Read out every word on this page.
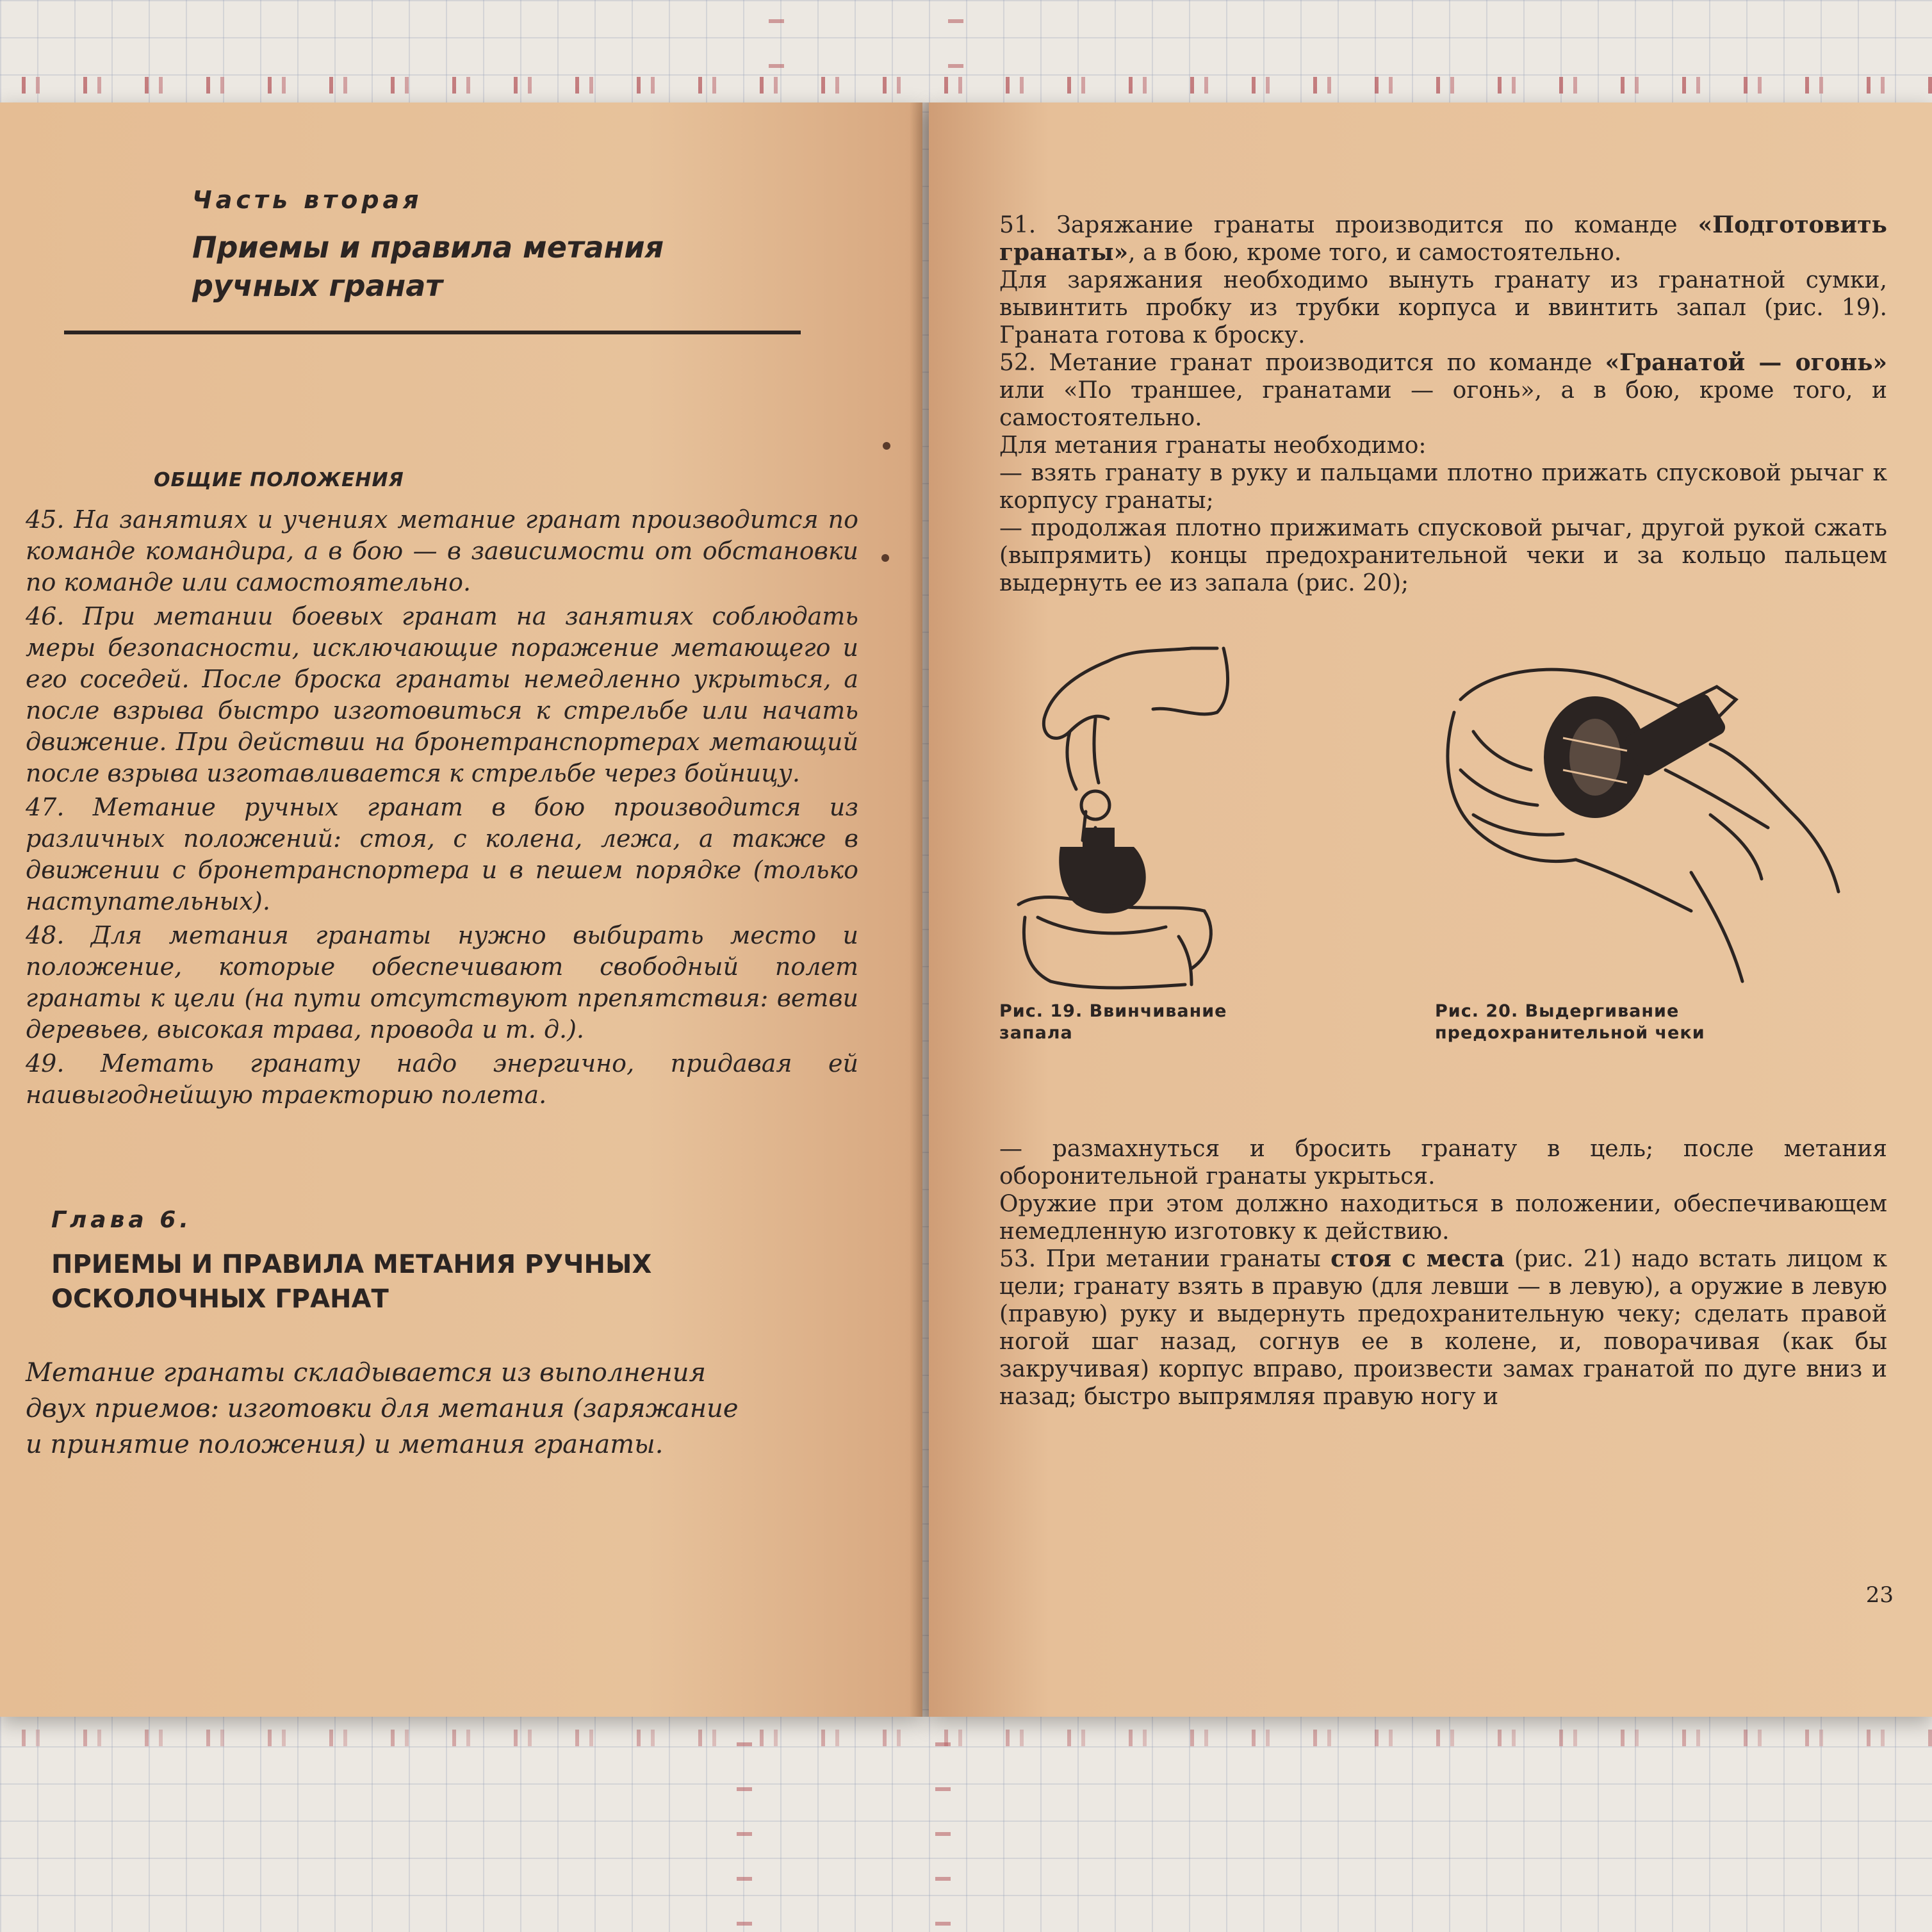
Часть вторая
Приемы и правила метания ручных гранат
ОБЩИЕ ПОЛОЖЕНИЯ

45. На занятиях и учениях метание гранат производится по команде командира, а в бою — в зависимости от обстановки по команде или самостоятельно.

46. При метании боевых гранат на занятиях соблюдать меры безопасности, исключающие поражение метающего и его соседей. После броска гранаты немедленно укрыться, а после взрыва быстро изготовиться к стрельбе или начать движение. При действии на бронетранспортерах метающий после взрыва изготавливается к стрельбе через бойницу.

47. Метание ручных гранат в бою производится из различных положений: стоя, с колена, лежа, а также в движении с бронетранспортера и в пешем порядке (только наступательных).

48. Для метания гранаты нужно выбирать место и положение, которые обеспечивают свободный полет гранаты к цели (на пути отсутствуют препятствия: ветви деревьев, высокая трава, провода и т. д.).

49. Метать гранату надо энергично, придавая ей наивыгоднейшую траекторию полета.

Глава 6.
ПРИЕМЫ И ПРАВИЛА МЕТАНИЯ РУЧНЫХ ОСКОЛОЧНЫХ ГРАНАТ
Метание гранаты складывается из выполнения двух приемов: изготовки для метания (заряжание и принятие положения) и метания гранаты.

51. Заряжание гранаты производится по команде «Подготовить гранаты», а в бою, кроме того, и самостоятельно.

Для заряжания необходимо вынуть гранату из гранатной сумки, вывинтить пробку из трубки корпуса и ввинтить запал (рис. 19). Граната готова к броску.

52. Метание гранат производится по команде «Гранатой — огонь» или «По траншее, гранатами — огонь», а в бою, кроме того, и самостоятельно.

Для метания гранаты необходимо:

— взять гранату в руку и пальцами плотно прижать спусковой рычаг к корпусу гранаты;

— продолжая плотно прижимать спусковой рычаг, другой рукой сжать (выпрямить) концы предохранительной чеки и за кольцо пальцем выдернуть ее из запала (рис. 20);

Рис. 19. Ввинчивание запала
Рис. 20. Выдергивание предохранительной чеки

— размахнуться и бросить гранату в цель; после метания оборонительной гранаты укрыться.

Оружие при этом должно находиться в положении, обеспечивающем немедленную изготовку к действию.

53. При метании гранаты стоя с места (рис. 21) надо встать лицом к цели; гранату взять в правую (для левши — в левую), а оружие в левую (правую) руку и выдернуть предохранительную чеку; сделать правой ногой шаг назад, согнув ее в колене, и, поворачивая (как бы закручивая) корпус вправо, произвести замах гранатой по дуге вниз и назад; быстро выпрямляя правую ногу и

23
